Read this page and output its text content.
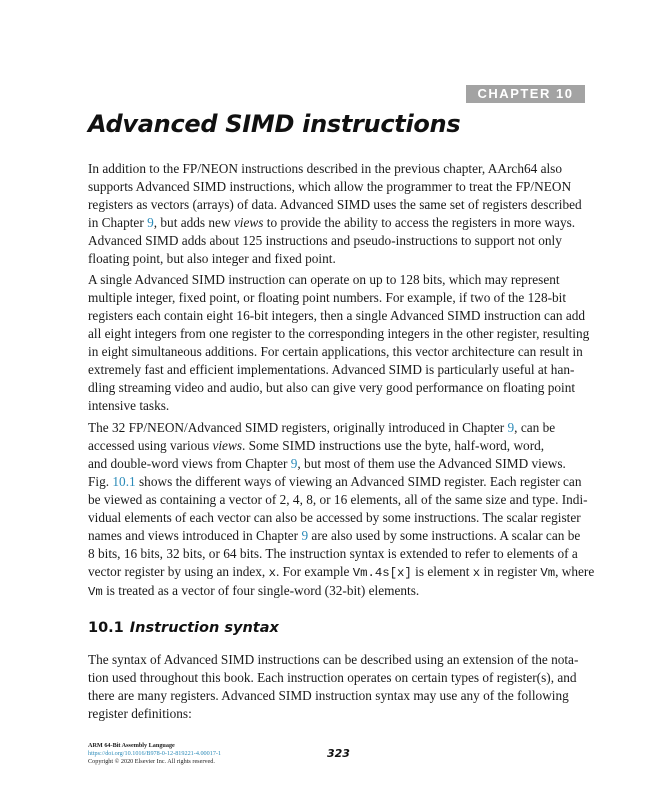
CHAPTER 10
Advanced SIMD instructions

In addition to the FP/NEON instructions described in the previous chapter, AArch64 also
supports Advanced SIMD instructions, which allow the programmer to treat the FP/NEON
registers as vectors (arrays) of data. Advanced SIMD uses the same set of registers described
in Chapter 9, but adds new views to provide the ability to access the registers in more ways.
Advanced SIMD adds about 125 instructions and pseudo-instructions to support not only
floating point, but also integer and fixed point.

A single Advanced SIMD instruction can operate on up to 128 bits, which may represent
multiple integer, fixed point, or floating point numbers. For example, if two of the 128-bit
registers each contain eight 16-bit integers, then a single Advanced SIMD instruction can add
all eight integers from one register to the corresponding integers in the other register, resulting
in eight simultaneous additions. For certain applications, this vector architecture can result in
extremely fast and efficient implementations. Advanced SIMD is particularly useful at han-
dling streaming video and audio, but also can give very good performance on floating point
intensive tasks.

The 32 FP/NEON/Advanced SIMD registers, originally introduced in Chapter 9, can be
accessed using various views. Some SIMD instructions use the byte, half-word, word,
and double-word views from Chapter 9, but most of them use the Advanced SIMD views.
Fig. 10.1 shows the different ways of viewing an Advanced SIMD register. Each register can
be viewed as containing a vector of 2, 4, 8, or 16 elements, all of the same size and type. Indi-
vidual elements of each vector can also be accessed by some instructions. The scalar register
names and views introduced in Chapter 9 are also used by some instructions. A scalar can be
8 bits, 16 bits, 32 bits, or 64 bits. The instruction syntax is extended to refer to elements of a
vector register by using an index, x. For example Vm.4s[x] is element x in register Vm, where
Vm is treated as a vector of four single-word (32-bit) elements.

10.1 Instruction syntax

The syntax of Advanced SIMD instructions can be described using an extension of the nota-
tion used throughout this book. Each instruction operates on certain types of register(s), and
there are many registers. Advanced SIMD instruction syntax may use any of the following
register definitions:

ARM 64-Bit Assembly Language
https://doi.org/10.1016/B978-0-12-819221-4.00017-1
Copyright © 2020 Elsevier Inc. All rights reserved.
323
